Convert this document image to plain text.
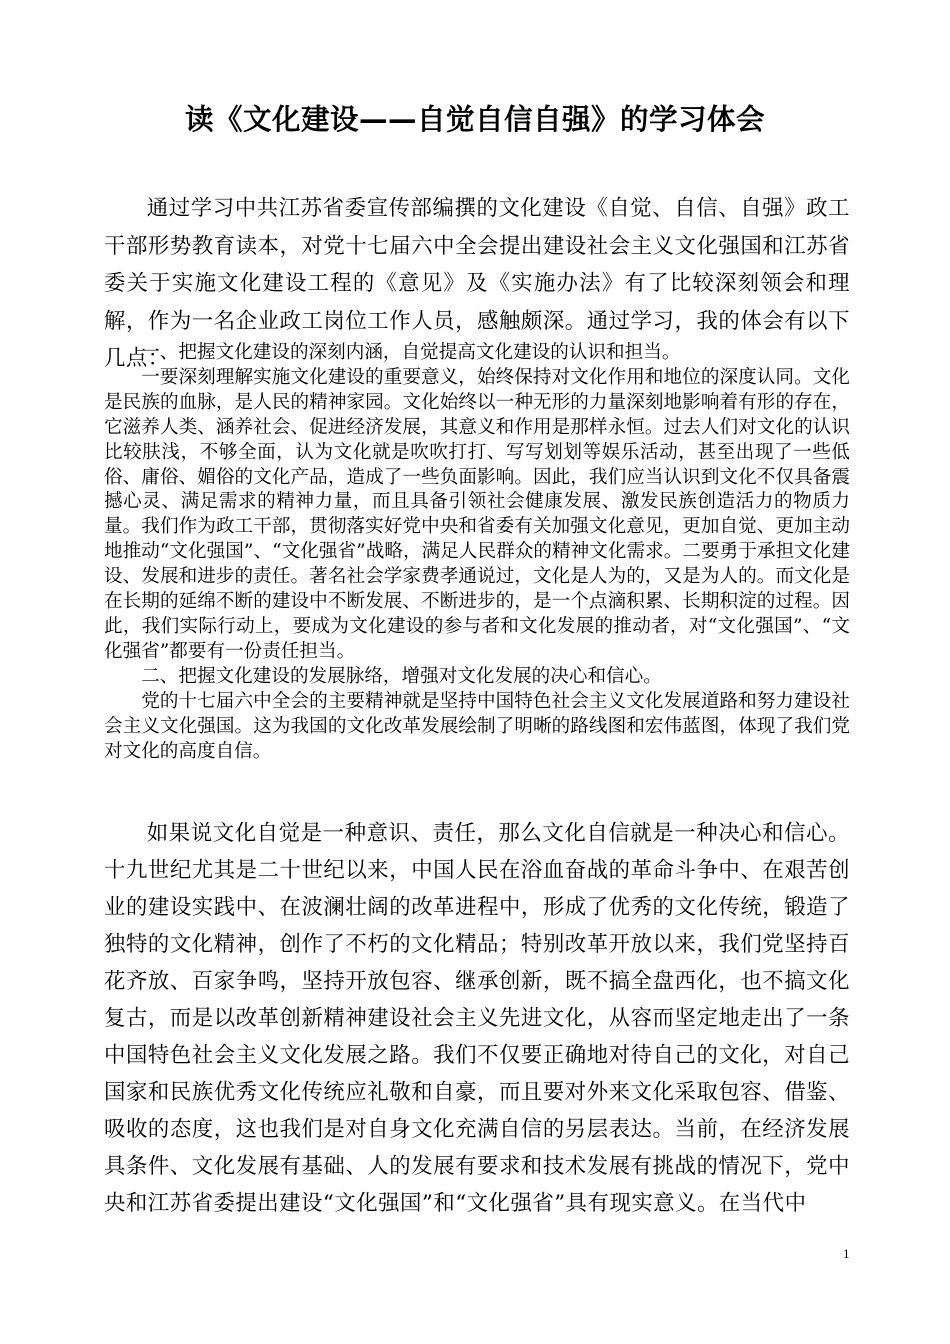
读《文化建设——自觉自信自强》的学习体会

通过学习中共江苏省委宣传部编撰的文化建设《自觉、自信、自强》政工干部形势教育读本，对党十七届六中全会提出建设社会主义文化强国和江苏省委关于实施文化建设工程的《意见》及《实施办法》有了比较深刻领会和理解，作为一名企业政工岗位工作人员，感触颇深。通过学习，我的体会有以下几点：

一、把握文化建设的深刻内涵，自觉提高文化建设的认识和担当。

一要深刻理解实施文化建设的重要意义，始终保持对文化作用和地位的深度认同。文化是民族的血脉，是人民的精神家园。文化始终以一种无形的力量深刻地影响着有形的存在，它滋养人类、涵养社会、促进经济发展，其意义和作用是那样永恒。过去人们对文化的认识比较肤浅，不够全面，认为文化就是吹吹打打、写写划划等娱乐活动，甚至出现了一些低俗、庸俗、媚俗的文化产品，造成了一些负面影响。因此，我们应当认识到文化不仅具备震撼心灵、满足需求的精神力量，而且具备引领社会健康发展、激发民族创造活力的物质力量。我们作为政工干部，贯彻落实好党中央和省委有关加强文化意见，更加自觉、更加主动地推动“文化强国”、“文化强省”战略，满足人民群众的精神文化需求。二要勇于承担文化建设、发展和进步的责任。著名社会学家费孝通说过，文化是人为的，又是为人的。而文化是在长期的延绵不断的建设中不断发展、不断进步的，是一个点滴积累、长期积淀的过程。因此，我们实际行动上，要成为文化建设的参与者和文化发展的推动者，对“文化强国”、“文化强省”都要有一份责任担当。

二、把握文化建设的发展脉络，增强对文化发展的决心和信心。

党的十七届六中全会的主要精神就是坚持中国特色社会主义文化发展道路和努力建设社会主义文化强国。这为我国的文化改革发展绘制了明晰的路线图和宏伟蓝图，体现了我们党对文化的高度自信。

如果说文化自觉是一种意识、责任，那么文化自信就是一种决心和信心。十九世纪尤其是二十世纪以来，中国人民在浴血奋战的革命斗争中、在艰苦创业的建设实践中、在波澜壮阔的改革进程中，形成了优秀的文化传统，锻造了独特的文化精神，创作了不朽的文化精品；特别改革开放以来，我们党坚持百花齐放、百家争鸣，坚持开放包容、继承创新，既不搞全盘西化，也不搞文化复古，而是以改革创新精神建设社会主义先进文化，从容而坚定地走出了一条中国特色社会主义文化发展之路。我们不仅要正确地对待自己的文化，对自己国家和民族优秀文化传统应礼敬和自豪，而且要对外来文化采取包容、借鉴、吸收的态度，这也我们是对自身文化充满自信的另层表达。当前，在经济发展具条件、文化发展有基础、人的发展有要求和技术发展有挑战的情况下，党中央和江苏省委提出建设“文化强国”和“文化强省”具有现实意义。在当代中

1
